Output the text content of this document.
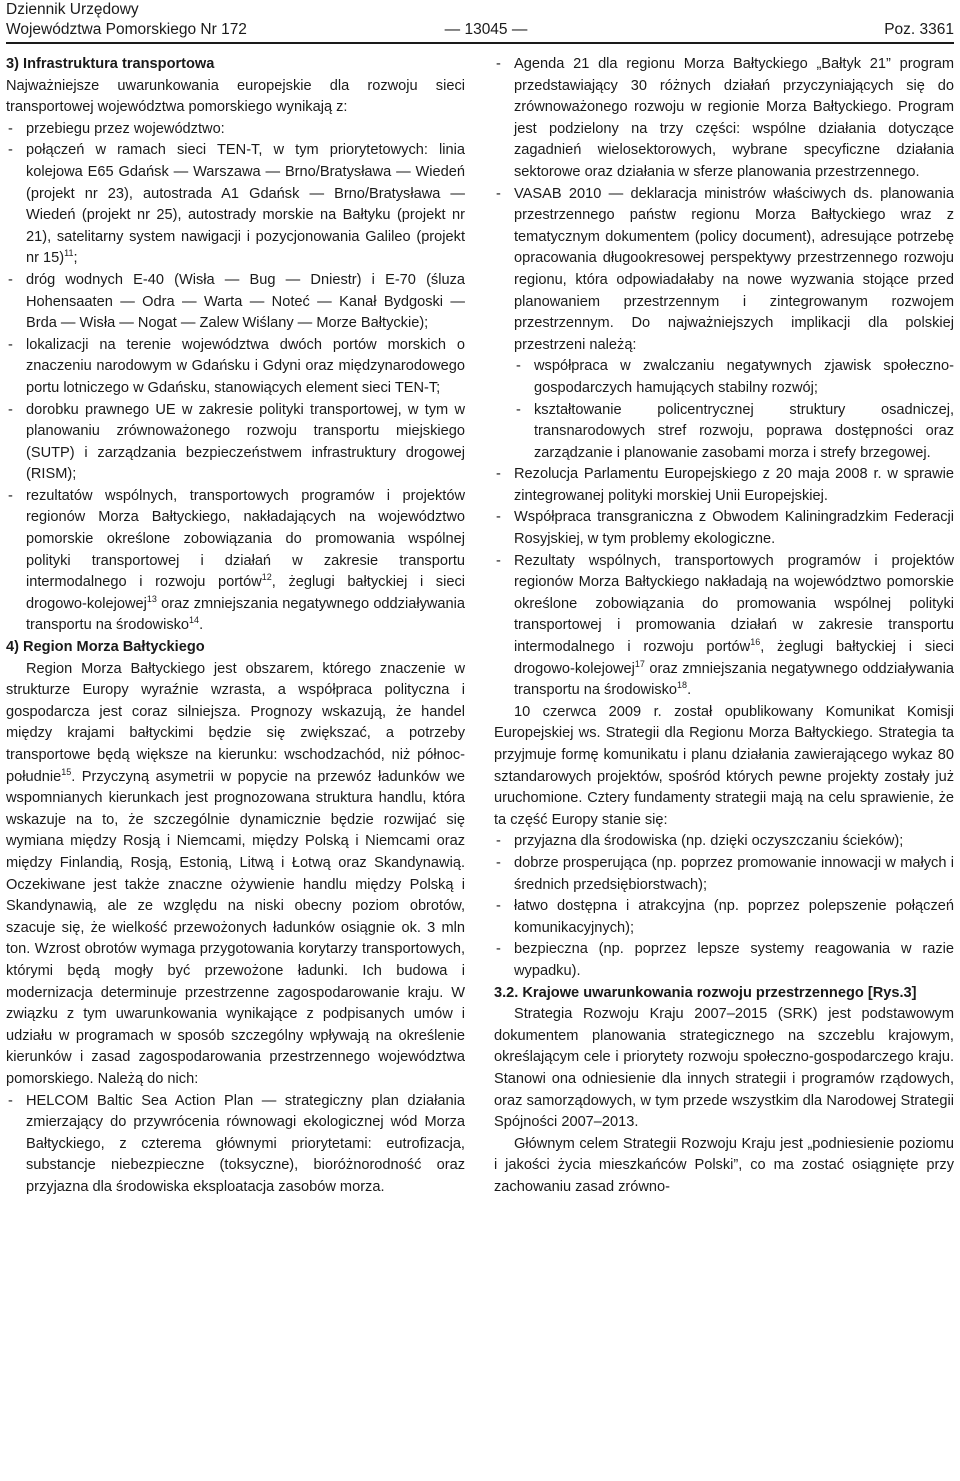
Dziennik Urzędowy
Województwa Pomorskiego Nr 172	— 13045 —	Poz. 3361

3) Infrastruktura transportowa

Najważniejsze uwarunkowania europejskie dla rozwoju sieci transportowej województwa pomorskiego wynikają z:

- przebiegu przez województwo:
- połączeń w ramach sieci TEN-T, w tym priorytetowych: linia kolejowa E65 Gdańsk — Warszawa — Brno/Bratysława — Wiedeń (projekt nr 23), autostrada A1 Gdańsk — Brno/Bratysława — Wiedeń (projekt nr 25), autostrady morskie na Bałtyku (projekt nr 21), satelitarny system nawigacji i pozycjonowania Galileo (projekt nr 15)$^{11}$;
- dróg wodnych E-40 (Wisła — Bug — Dniestr) i E-70 (śluza Hohensaaten — Odra — Warta — Noteć — Kanał Bydgoski — Brda — Wisła — Nogat — Zalew Wiślany — Morze Bałtyckie);
- lokalizacji na terenie województwa dwóch portów morskich o znaczeniu narodowym w Gdańsku i Gdyni oraz międzynarodowego portu lotniczego w Gdańsku, stanowiących element sieci TEN-T;
- dorobku prawnego UE w zakresie polityki transportowej, w tym w planowaniu zrównoważonego rozwoju transportu miejskiego (SUTP) i zarządzania bezpieczeństwem infrastruktury drogowej (RISM);
- rezultatów wspólnych, transportowych programów i projektów regionów Morza Bałtyckiego, nakładających na województwo pomorskie określone zobowiązania do promowania wspólnej polityki transportowej i działań w zakresie transportu intermodalnego i rozwoju portów$^{12}$, żeglugi bałtyckiej i sieci drogowo-kolejowej$^{13}$ oraz zmniejszania negatywnego oddziaływania transportu na środowisko$^{14}$.

4) Region Morza Bałtyckiego

Region Morza Bałtyckiego jest obszarem, którego znaczenie w strukturze Europy wyraźnie wzrasta, a współpraca polityczna i gospodarcza jest coraz silniejsza. Prognozy wskazują, że handel między krajami bałtyckimi będzie się zwiększać, a potrzeby transportowe będą większe na kierunku: wschodzachód, niż północ-południe$^{15}$. Przyczyną asymetrii w popycie na przewóz ładunków we wspomnianych kierunkach jest prognozowana struktura handlu, która wskazuje na to, że szczególnie dynamicznie będzie rozwijać się wymiana między Rosją i Niemcami, między Polską i Niemcami oraz między Finlandią, Rosją, Estonią, Litwą i Łotwą oraz Skandynawią. Oczekiwane jest także znaczne ożywienie handlu między Polską i Skandynawią, ale ze względu na niski obecny poziom obrotów, szacuje się, że wielkość przewożonych ładunków osiągnie ok. 3 mln ton. Wzrost obrotów wymaga przygotowania korytarzy transportowych, którymi będą mogły być przewożone ładunki. Ich budowa i modernizacja determinuje przestrzenne zagospodarowanie kraju. W związku z tym uwarunkowania wynikające z podpisanych umów i udziału w programach w sposób szczególny wpływają na określenie kierunków i zasad zagospodarowania przestrzennego województwa pomorskiego. Należą do nich:

- HELCOM Baltic Sea Action Plan — strategiczny plan działania zmierzający do przywrócenia równowagi ekologicznej wód Morza Bałtyckiego, z czterema głównymi priorytetami: eutrofizacja, substancje niebezpieczne (toksyczne), bioróżnorodność oraz przyjazna dla środowiska eksploatacja zasobów morza.
- Agenda 21 dla regionu Morza Bałtyckiego „Bałtyk 21” program przedstawiający 30 różnych działań przyczyniających się do zrównoważonego rozwoju w regionie Morza Bałtyckiego. Program jest podzielony na trzy części: wspólne działania dotyczące zagadnień wielosektorowych, wybrane specyficzne działania sektorowe oraz działania w sferze planowania przestrzennego.
- VASAB 2010 — deklaracja ministrów właściwych ds. planowania przestrzennego państw regionu Morza Bałtyckiego wraz z tematycznym dokumentem (policy document), adresujące potrzebę opracowania długookresowej perspektywy przestrzennego rozwoju regionu, która odpowiadałaby na nowe wyzwania stojące przed planowaniem przestrzennym i zintegrowanym rozwojem przestrzennym. Do najważniejszych implikacji dla polskiej przestrzeni należą:
- współpraca w zwalczaniu negatywnych zjawisk społeczno-gospodarczych hamujących stabilny rozwój;
- kształtowanie policentrycznej struktury osadniczej, transnarodowych stref rozwoju, poprawa dostępności oraz zarządzanie i planowanie zasobami morza i strefy brzegowej.
- Rezolucja Parlamentu Europejskiego z 20 maja 2008 r. w sprawie zintegrowanej polityki morskiej Unii Europejskiej.
- Współpraca transgraniczna z Obwodem Kaliningradzkim Federacji Rosyjskiej, w tym problemy ekologiczne.
- Rezultaty wspólnych, transportowych programów i projektów regionów Morza Bałtyckiego nakładają na województwo pomorskie określone zobowiązania do promowania wspólnej polityki transportowej i promowania działań w zakresie transportu intermodalnego i rozwoju portów$^{16}$, żeglugi bałtyckiej i sieci drogowo-kolejowej$^{17}$ oraz zmniejszania negatywnego oddziaływania transportu na środowisko$^{18}$.

10 czerwca 2009 r. został opublikowany Komunikat Komisji Europejskiej ws. Strategii dla Regionu Morza Bałtyckiego. Strategia ta przyjmuje formę komunikatu i planu działania zawierającego wykaz 80 sztandarowych projektów, spośród których pewne projekty zostały już uruchomione. Cztery fundamenty strategii mają na celu sprawienie, że ta część Europy stanie się:

- przyjazna dla środowiska (np. dzięki oczyszczaniu ścieków);
- dobrze prosperująca (np. poprzez promowanie innowacji w małych i średnich przedsiębiorstwach);
- łatwo dostępna i atrakcyjna (np. poprzez polepszenie połączeń komunikacyjnych);
- bezpieczna (np. poprzez lepsze systemy reagowania w razie wypadku).

3.2. Krajowe uwarunkowania rozwoju przestrzennego [Rys.3]

Strategia Rozwoju Kraju 2007–2015 (SRK) jest podstawowym dokumentem planowania strategicznego na szczeblu krajowym, określającym cele i priorytety rozwoju społeczno-gospodarczego kraju. Stanowi ona odniesienie dla innych strategii i programów rządowych, oraz samorządowych, w tym przede wszystkim dla Narodowej Strategii Spójności 2007–2013.

Głównym celem Strategii Rozwoju Kraju jest „podniesienie poziomu i jakości życia mieszkańców Polski”, co ma zostać osiągnięte przy zachowaniu zasad zrówno-
